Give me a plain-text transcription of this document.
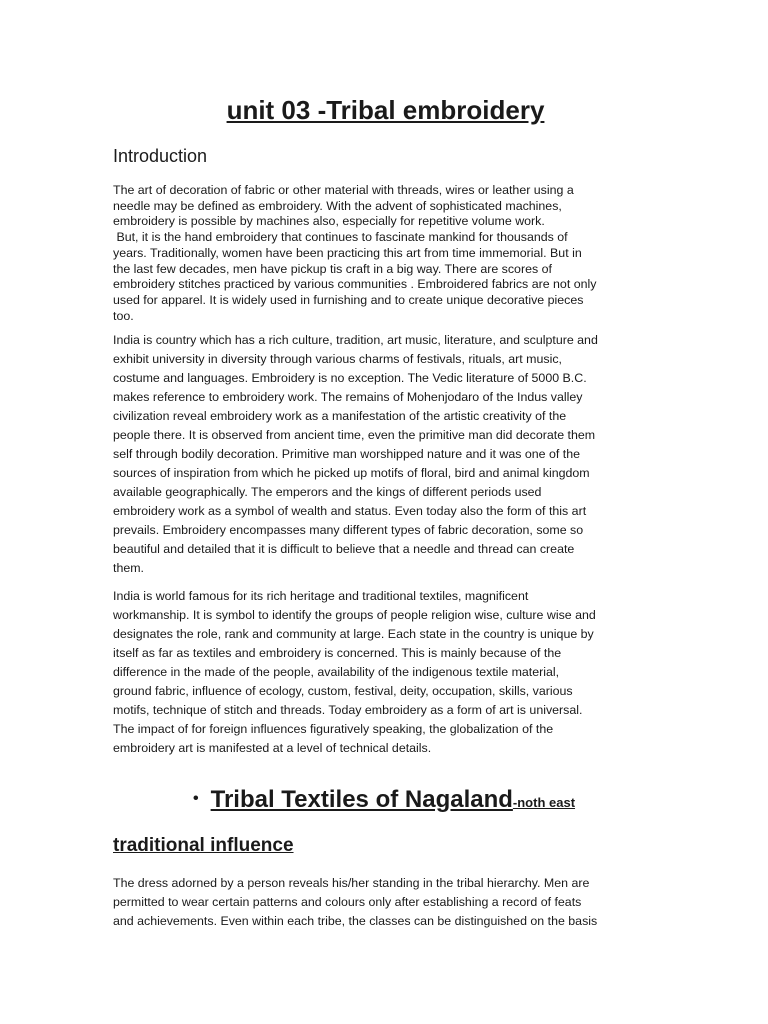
unit 03 -Tribal embroidery
Introduction

The art of decoration of fabric or other material with threads, wires or leather using a
needle may be defined as embroidery. With the advent of sophisticated machines,
embroidery is possible by machines also, especially for repetitive volume work.
But, it is the hand embroidery that continues to fascinate mankind for thousands of
years. Traditionally, women have been practicing this art from time immemorial. But in
the last few decades, men have pickup tis craft in a big way. There are scores of
embroidery stitches practiced by various communities . Embroidered fabrics are not only
used for apparel. It is widely used in furnishing and to create unique decorative pieces
too.

India is country which has a rich culture, tradition, art music, literature, and sculpture and
exhibit university in diversity through various charms of festivals, rituals, art music,
costume and languages. Embroidery is no exception. The Vedic literature of 5000 B.C.
makes reference to embroidery work. The remains of Mohenjodaro of the Indus valley
civilization reveal embroidery work as a manifestation of the artistic creativity of the
people there. It is observed from ancient time, even the primitive man did decorate them
self through bodily decoration. Primitive man worshipped nature and it was one of the
sources of inspiration from which he picked up motifs of floral, bird and animal kingdom
available geographically. The emperors and the kings of different periods used
embroidery work as a symbol of wealth and status. Even today also the form of this art
prevails. Embroidery encompasses many different types of fabric decoration, some so
beautiful and detailed that it is difficult to believe that a needle and thread can create
them.

India is world famous for its rich heritage and traditional textiles, magnificent
workmanship. It is symbol to identify the groups of people religion wise, culture wise and
designates the role, rank and community at large. Each state in the country is unique by
itself as far as textiles and embroidery is concerned. This is mainly because of the
difference in the made of the people, availability of the indigenous textile material,
ground fabric, influence of ecology, custom, festival, deity, occupation, skills, various
motifs, technique of stitch and threads. Today embroidery as a form of art is universal.
The impact of for foreign influences figuratively speaking, the globalization of the
embroidery art is manifested at a level of technical details.

• Tribal Textiles of Nagaland-noth east
traditional influence

The dress adorned by a person reveals his/her standing in the tribal hierarchy. Men are
permitted to wear certain patterns and colours only after establishing a record of feats
and achievements. Even within each tribe, the classes can be distinguished on the basis
